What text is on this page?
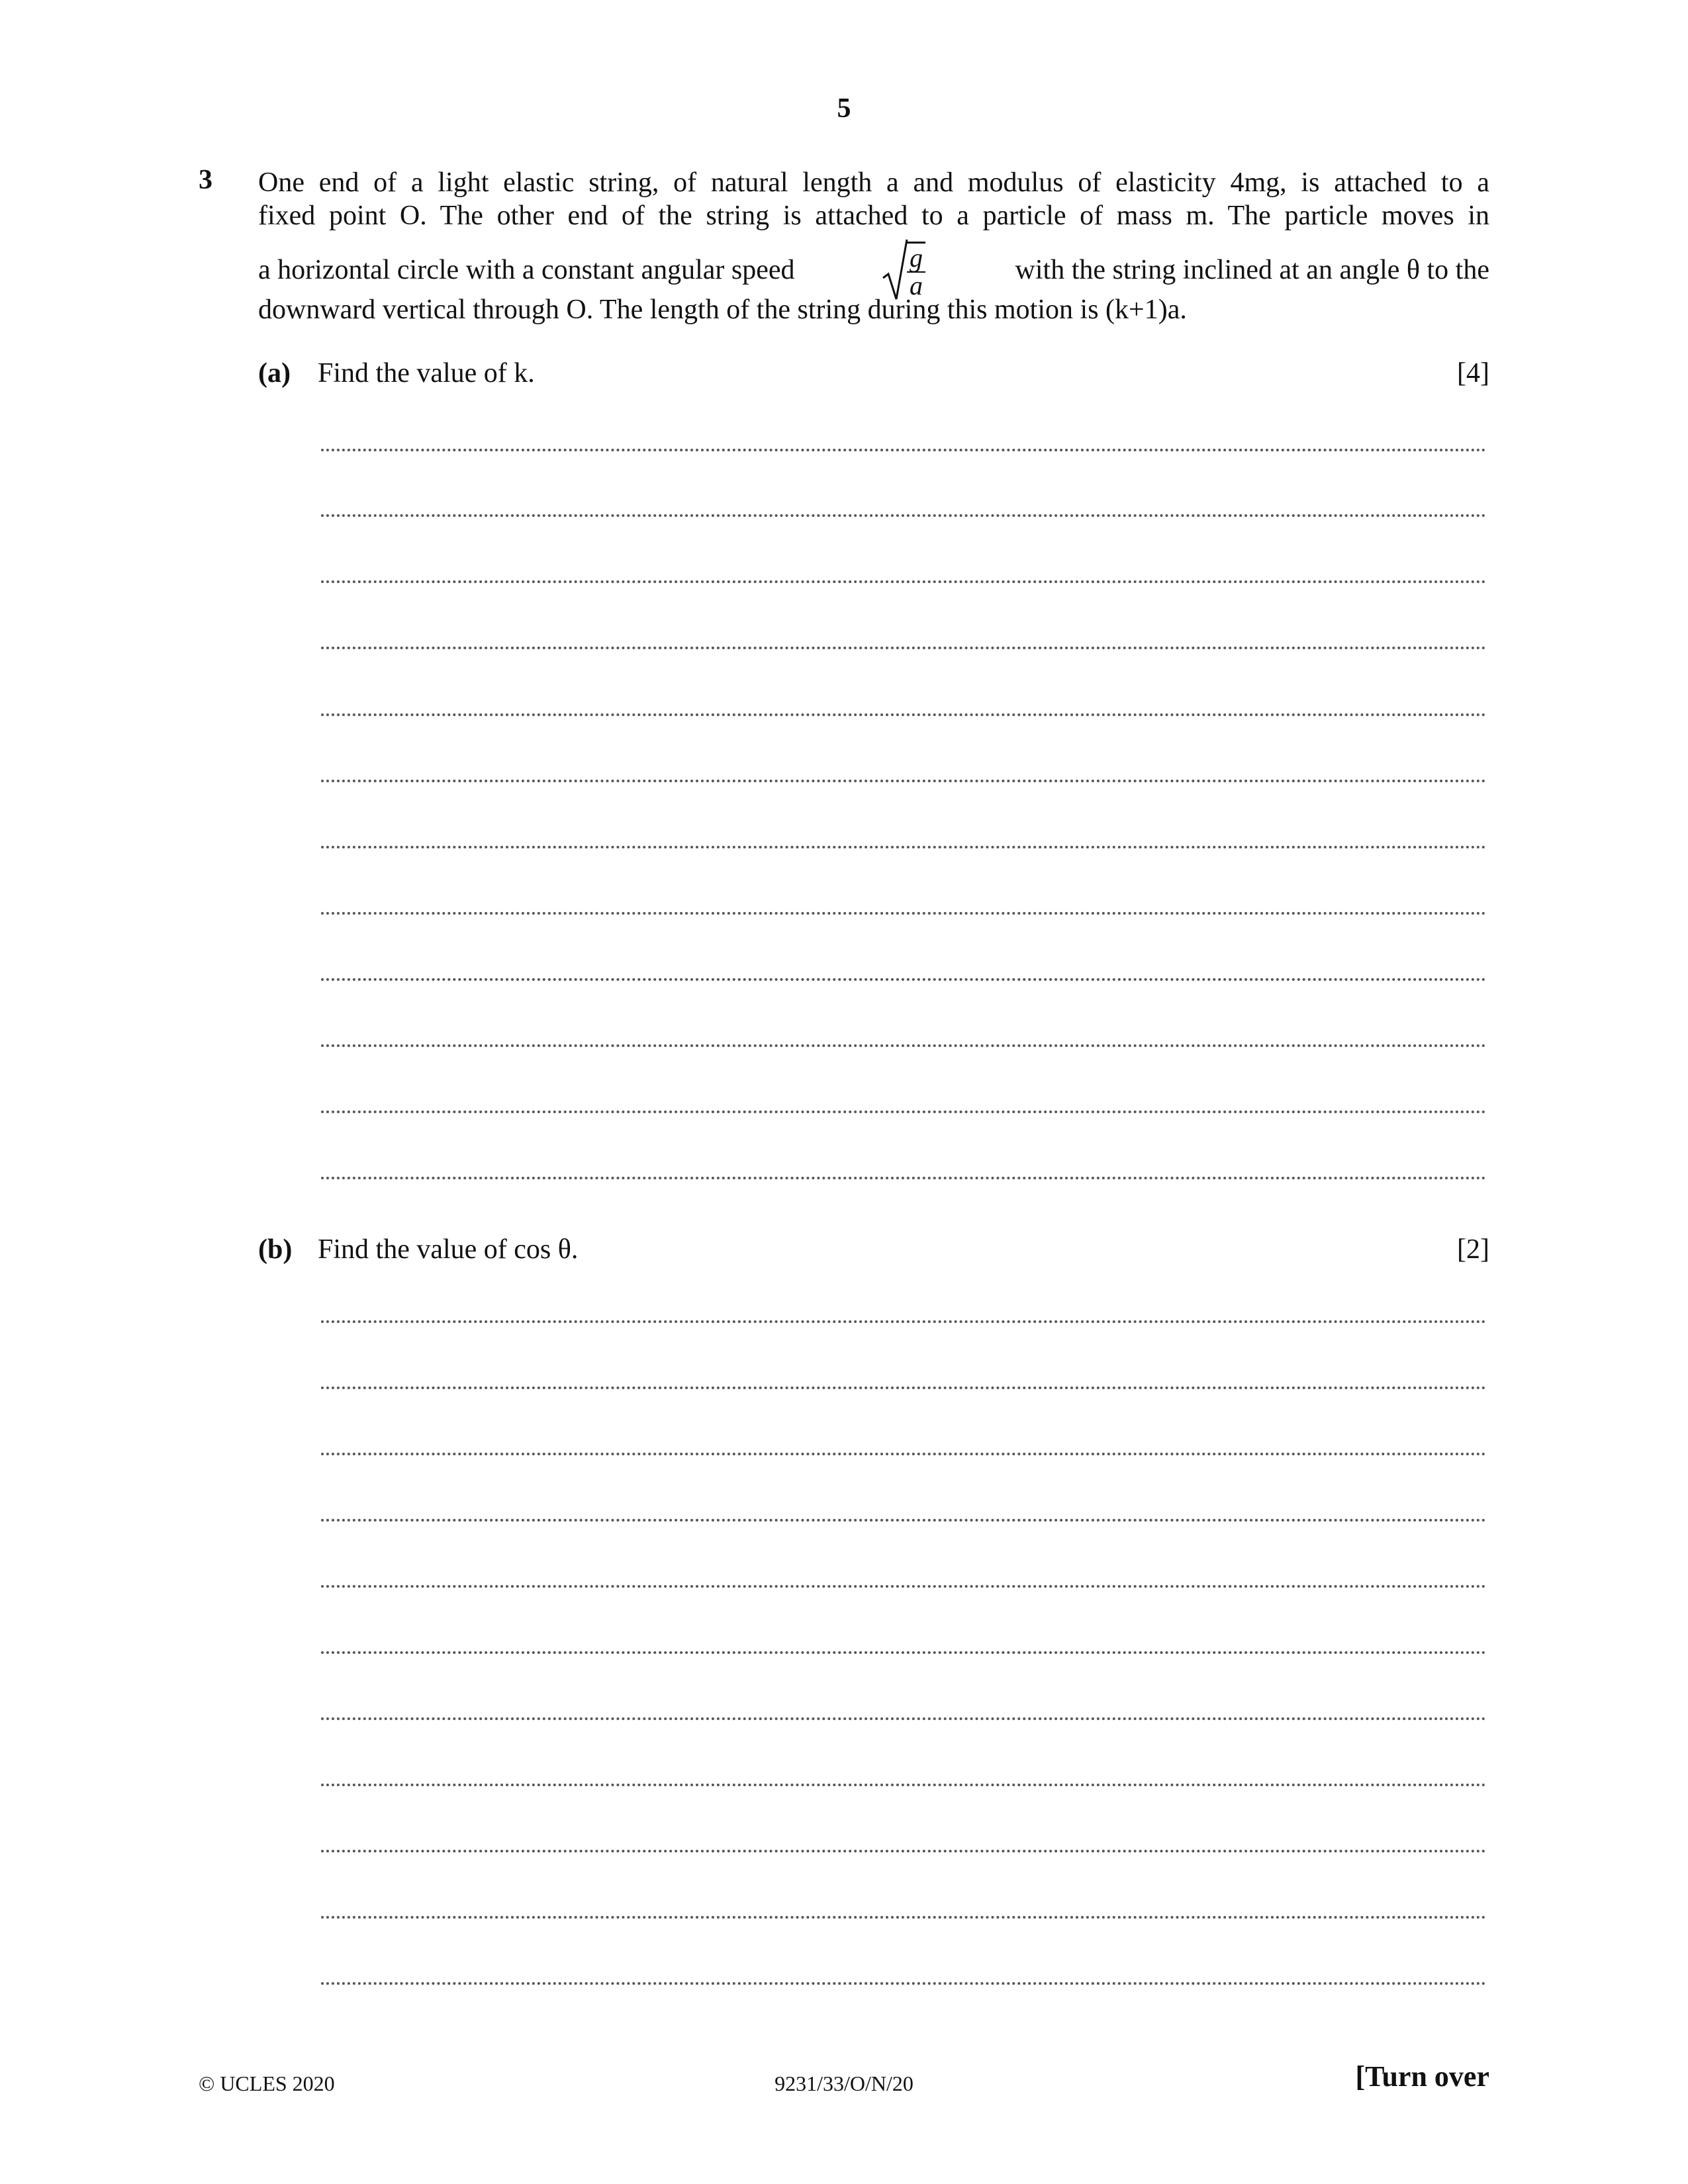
5
3 One end of a light elastic string, of natural length a and modulus of elasticity 4mg, is attached to a
fixed point O. The other end of the string is attached to a particle of mass m. The particle moves in
a horizontal circle with a constant angular speed	$\frac{g}{a}$	with the string inclined at an angle θ to the
downward vertical through O. The length of the string during this motion is (k+1)a.
(a) Find the value of k.	[4]
(b) Find the value of cos θ.	[2]
© UCLES 2020	9231/33/O/N/20	[Turn over
